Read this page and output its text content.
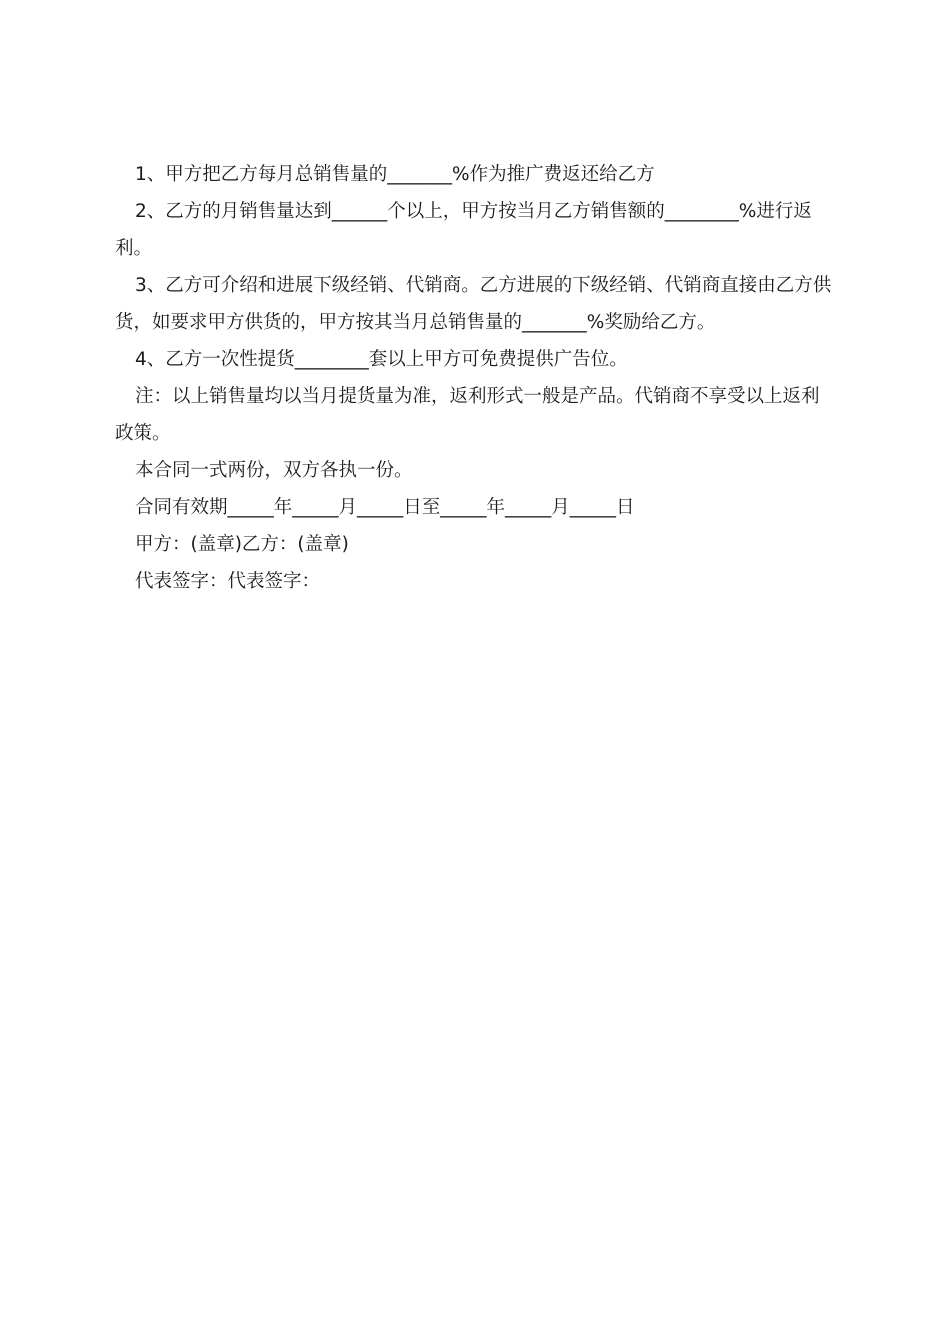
1、甲方把乙方每月总销售量的_______%作为推广费返还给乙方

2、乙方的月销售量达到______个以上，甲方按当月乙方销售额的________%进行返利。

3、乙方可介绍和进展下级经销、代销商。乙方进展的下级经销、代销商直接由乙方供货，如要求甲方供货的，甲方按其当月总销售量的_______%奖励给乙方。

4、乙方一次性提货________套以上甲方可免费提供广告位。

注：以上销售量均以当月提货量为准，返利形式一般是产品。代销商不享受以上返利政策。

本合同一式两份，双方各执一份。

合同有效期_____年_____月_____日至_____年_____月_____日

甲方：(盖章)乙方：(盖章)

代表签字：代表签字：
